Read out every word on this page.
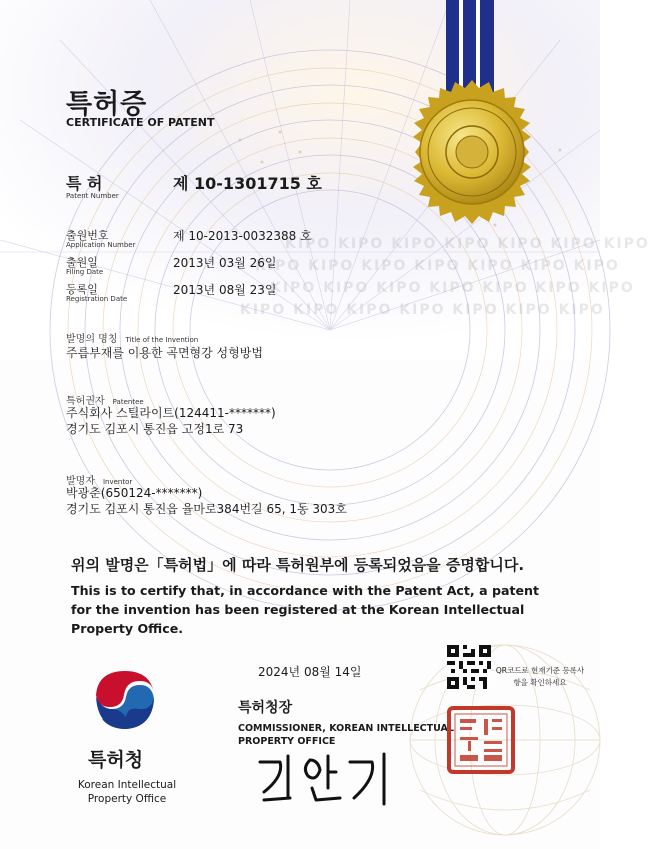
KIPO KIPO KIPO KIPO KIPO KIPO KIPO
KIPO KIPO KIPO KIPO KIPO KIPO KIPO
KIPO KIPO KIPO KIPO KIPO KIPO KIPO
KIPO KIPO KIPO KIPO KIPO KIPO KIPO
특허증
CERTIFICATE OF PATENT
특 허
Patent Number
제 10-1301715 호
출원번호
Application Number
제 10-2013-0032388 호
출원일
Filing Date
2013년 03월 26일
등록일
Registration Date
2013년 08월 23일
발명의 명칭 Title of the Invention
주름부재를 이용한 곡면형강 성형방법
특허권자 Patentee
주식회사 스틸라이트(124411-*******)
경기도 김포시 통진읍 고정1로 73
발명자 Inventor
박광춘(650124-*******)
경기도 김포시 통진읍 율마로384번길 65, 1동 303호
위의 발명은「특허법」에 따라 특허원부에 등록되었음을 증명합니다.
This is to certify that, in accordance with the Patent Act, a patent for the invention has been registered at the Korean Intellectual Property Office.
2024년 08월 14일	QR코드로 현재기준 등록사항을 확인하세요
특허청장
COMMISSIONER, KOREAN INTELLECTUAL PROPERTY OFFICE
특허청
Korean Intellectual Property Office
